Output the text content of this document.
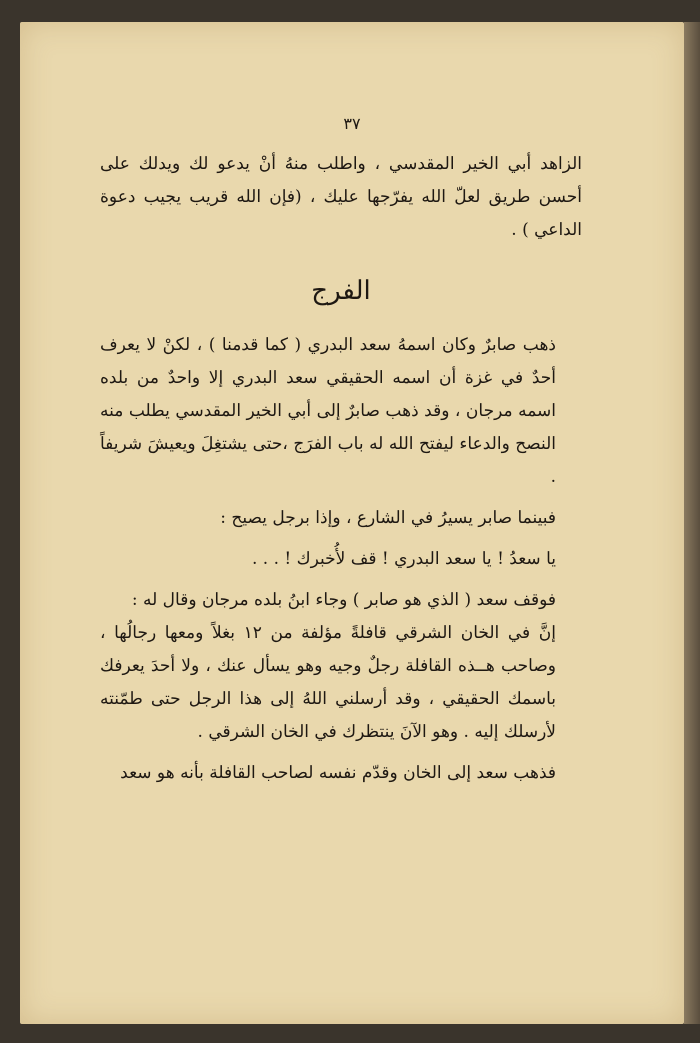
٣٧

الزاهد أبي الخير المقدسي ، واطلب منهُ أنْ يدعو لك ويدلك على أحسن طريق لعلّ الله يفرّجها عليك ، (فإن الله قريب يجيب دعوة الداعي ) .

الفرج

ذهب صابرٌ وكان اسمهُ سعد البدري ( كما قدمنا ) ، لكنْ لا يعرف أحدٌ في غزة أن اسمه الحقيقي سعد البدري إلا واحدٌ من بلده اسمه مرجان ، وقد ذهب صابرٌ إلى أبي الخير المقدسي يطلب منه النصح والدعاء ليفتح الله له باب الفرَج ،حتى يشتغِلَ ويعيشَ شريفاً .

فبينما صابر يسيرُ في الشارع ، وإذا برجل يصيح :

يا سعدُ ! يا سعد البدري ! قف لأُخبرك ! . . .

فوقف سعد ( الذي هو صابر ) وجاء ابنُ بلده مرجان وقال له :

إنَّ في الخان الشرقي قافلةً مؤلفة من ١٢ بغلاً ومعها رجالُها ، وصاحب هــذه القافلة رجلٌ وجيه وهو يسأل عنك ، ولا أحدَ يعرفك باسمك الحقيقي ، وقد أرسلني اللهُ إلى هذا الرجل حتى طمّنته لأرسلك إليه . وهو الآنَ ينتظرك في الخان الشرقي .

فذهب سعد إلى الخان وقدّم نفسه لصاحب القافلة بأنه هو سعد
